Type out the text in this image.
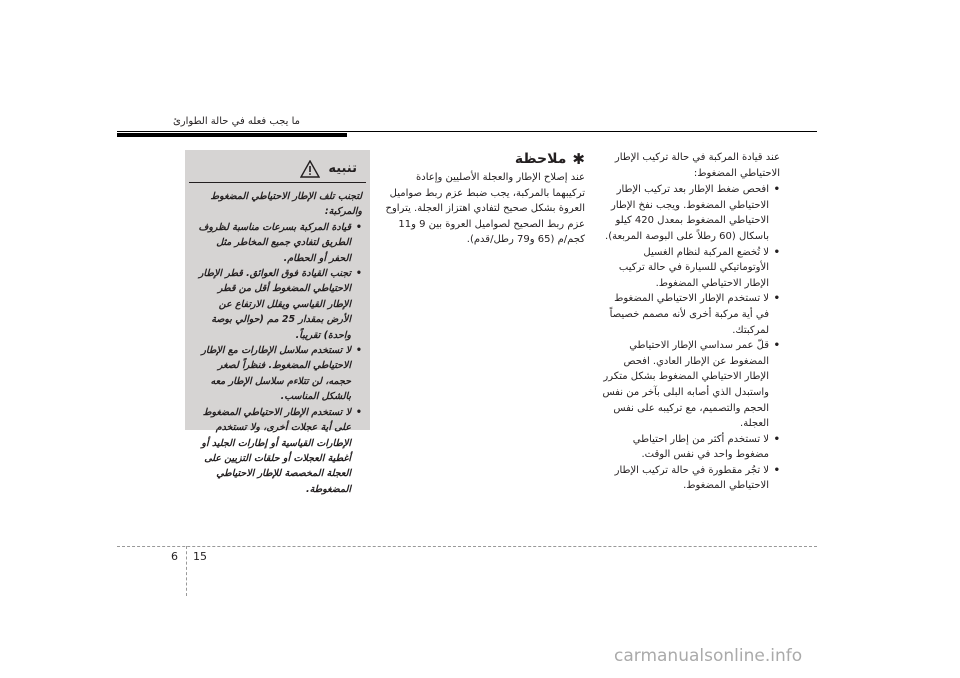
ما يجب فعله في حالة الطوارئ
عند قيادة المركبة في حالة تركيب الإطار الاحتياطي المضغوط:
• افحص ضغط الإطار بعد تركيب الإطار الاحتياطي المضغوط. ويجب نفخ الإطار الاحتياطي المضغوط بمعدل 420 كيلو باسكال (60 رطلاً على البوصة المربعة).
• لا تُخضع المركبة لنظام الغسيل الأوتوماتيكي للسيارة في حالة تركيب الإطار الاحتياطي المضغوط.
• لا تستخدم الإطار الاحتياطي المضغوط في أية مركبة أخرى لأنه مصمم خصيصاً لمركبتك.
• قلّ عمر سداسي الإطار الاحتياطي المضغوط عن الإطار العادي. افحص الإطار الاحتياطي المضغوط بشكل متكرر واستبدل الذي أصابه البلى بآخر من نفس الحجم والتصميم، مع تركيبه على نفس العجلة.
• لا تستخدم أكثر من إطار احتياطي مضغوط واحد في نفس الوقت.
• لا تجُر مقطورة في حالة تركيب الإطار الاحتياطي المضغوط.
✱
ملاحظة
عند إصلاح الإطار والعجلة الأصليين وإعادة تركيبهما بالمركبة، يجب ضبط عزم ربط صواميل العروة بشكل صحيح لتفادي اهتزاز العجلة. يتراوح عزم ربط الصحيح لصواميل العروة بين 9 و11 كجم/م (65 و79 رطل/قدم).
تنبيه
لتجنب تلف الإطار الاحتياطي المضغوط والمركبة:
• قيادة المركبة بسرعات مناسبة لظروف الطريق لتفادي جميع المخاطر مثل الحفر أو الحطام.
• تجنب القيادة فوق العوائق. قطر الإطار الاحتياطي المضغوط أقل من قطر الإطار القياسي ويقلل الارتفاع عن الأرض بمقدار 25 مم (حوالي بوصة واحدة) تقريباً.
• لا تستخدم سلاسل الإطارات مع الإطار الاحتياطي المضغوط. فنظراً لصغر حجمه، لن تتلاءم سلاسل الإطار معه بالشكل المناسب.
• لا تستخدم الإطار الاحتياطي المضغوط على أية عجلات أخرى، ولا تستخدم الإطارات القياسية أو إطارات الجليد أو أغطية العجلات أو حلقات التزيين على العجلة المخصصة للإطار الاحتياطي المضغوطة.
6 15
carmanualsonline.info
